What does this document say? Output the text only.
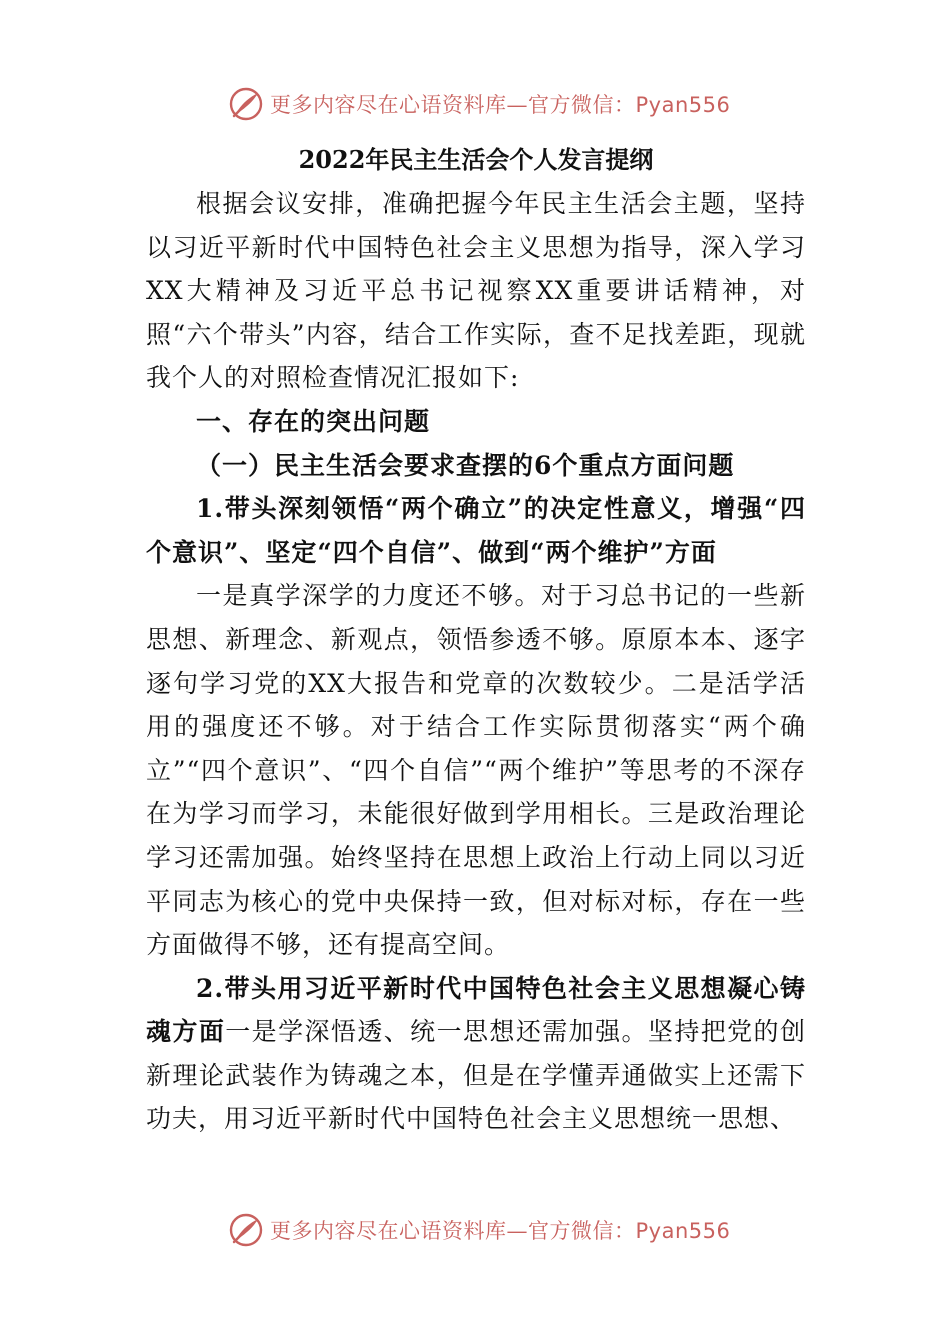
更多内容尽在心语资料库—官方微信：Pyan556
2022年民主生活会个人发言提纲

根据会议安排，准确把握今年民主生活会主题，坚持以习近平新时代中国特色社会主义思想为指导，深入学习XX大精神及习近平总书记视察XX重要讲话精神，对照“六个带头”内容，结合工作实际，查不足找差距，现就我个人的对照检查情况汇报如下:

一、存在的突出问题

（一）民主生活会要求查摆的6个重点方面问题

1.带头深刻领悟“两个确立”的决定性意义，增强“四个意识”、坚定“四个自信”、做到“两个维护”方面

一是真学深学的力度还不够。对于习总书记的一些新思想、新理念、新观点，领悟参透不够。原原本本、逐字逐句学习党的XX大报告和党章的次数较少。二是活学活用的强度还不够。对于结合工作实际贯彻落实“两个确立”“四个意识”、“四个自信”“两个维护”等思考的不深存在为学习而学习，未能很好做到学用相长。三是政治理论学习还需加强。始终坚持在思想上政治上行动上同以习近平同志为核心的党中央保持一致，但对标对标，存在一些方面做得不够，还有提高空间。

2.带头用习近平新时代中国特色社会主义思想凝心铸魂方面一是学深悟透、统一思想还需加强。坚持把党的创新理论武装作为铸魂之本，但是在学懂弄通做实上还需下功夫，用习近平新时代中国特色社会主义思想统一思想、

更多内容尽在心语资料库—官方微信：Pyan556
